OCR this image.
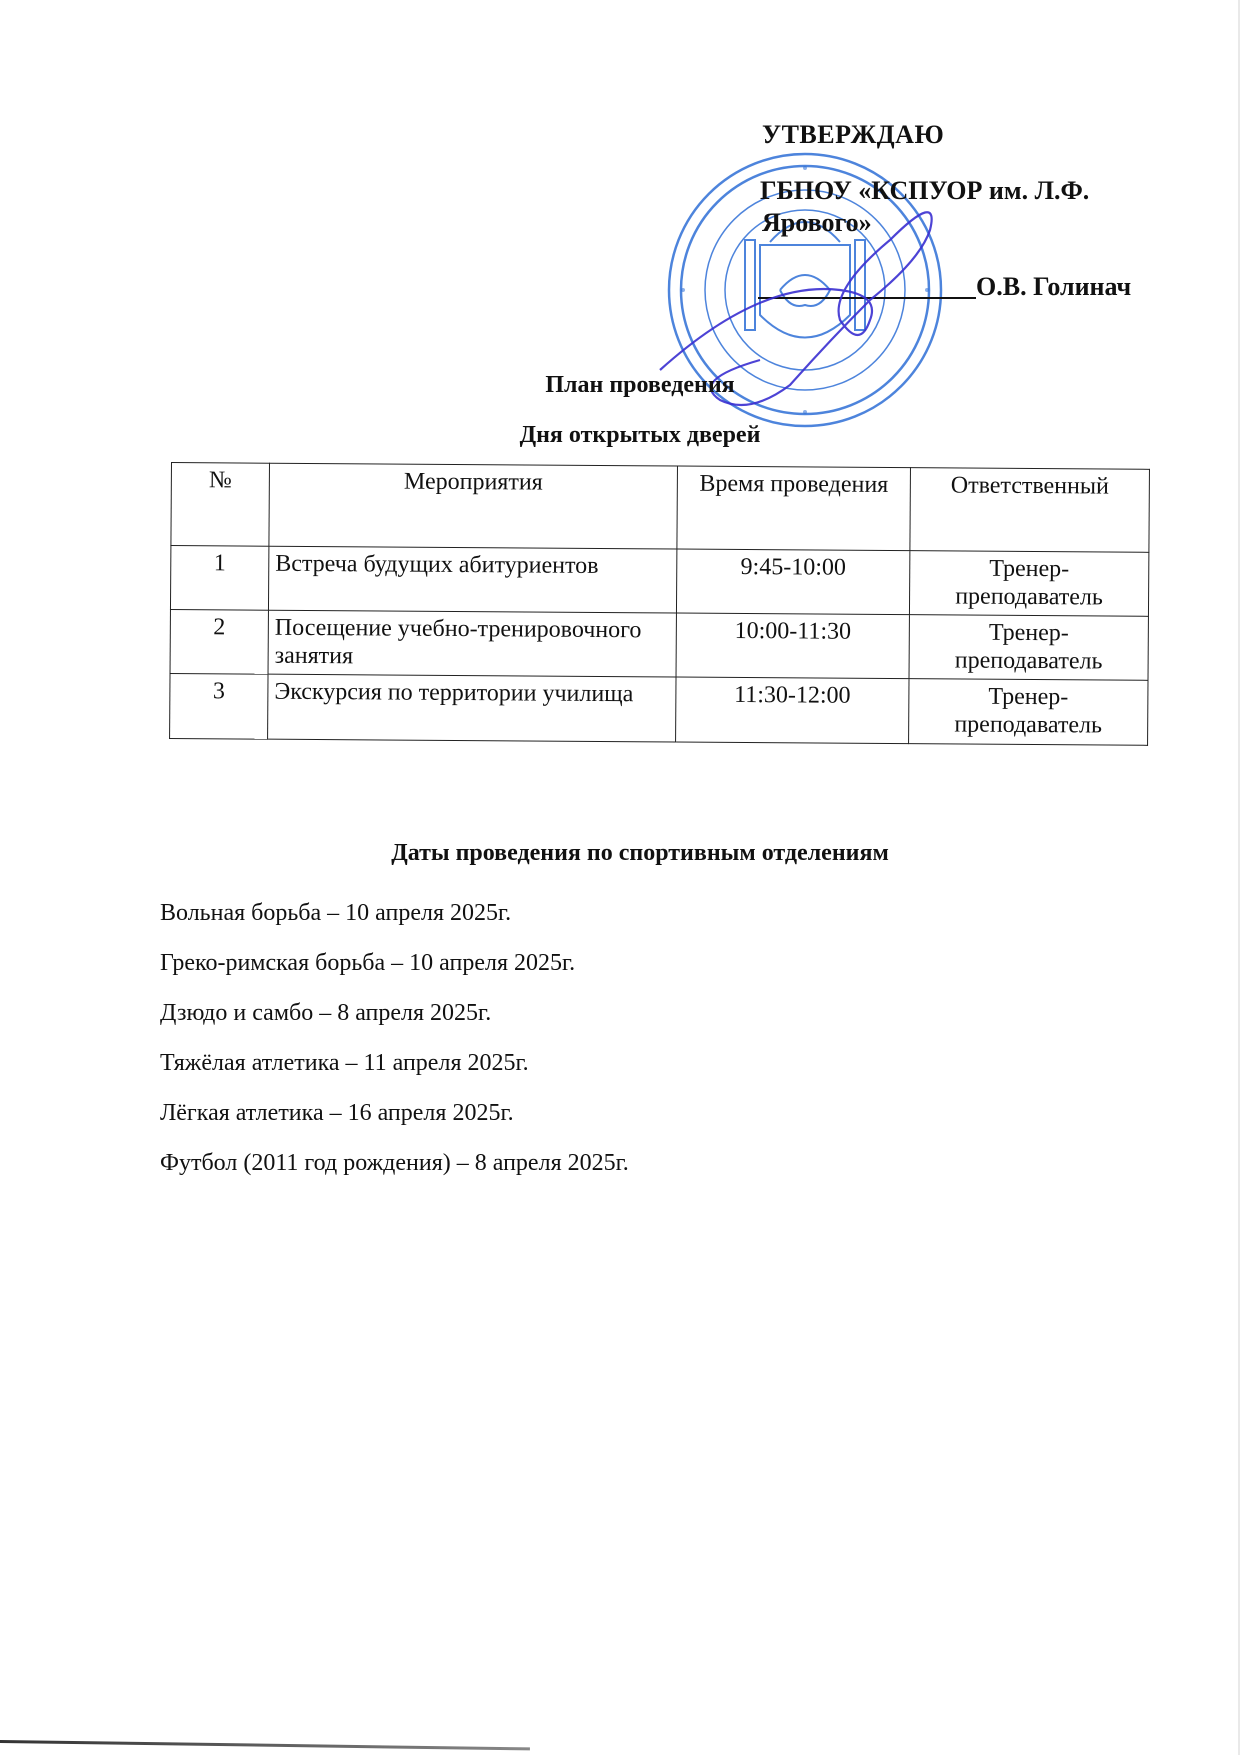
УТВЕРЖДАЮ
ГБПОУ «КСПУОР им. Л.Ф.
Ярового»
О.В. Голинач
План проведения
Дня открытых дверей
№	Мероприятия	Время проведения	Ответственный
1	Встреча будущих абитуриентов	9:45-10:00	Тренер-преподаватель
2	Посещение учебно-тренировочного занятия	10:00-11:30	Тренер-преподаватель
3	Экскурсия по территории училища	11:30-12:00	Тренер-преподаватель
Даты проведения по спортивным отделениям
Вольная борьба – 10 апреля 2025г.
Греко-римская борьба – 10 апреля 2025г.
Дзюдо и самбо – 8 апреля 2025г.
Тяжёлая атлетика – 11 апреля 2025г.
Лёгкая атлетика – 16 апреля 2025г.
Футбол (2011 год рождения) – 8 апреля 2025г.
